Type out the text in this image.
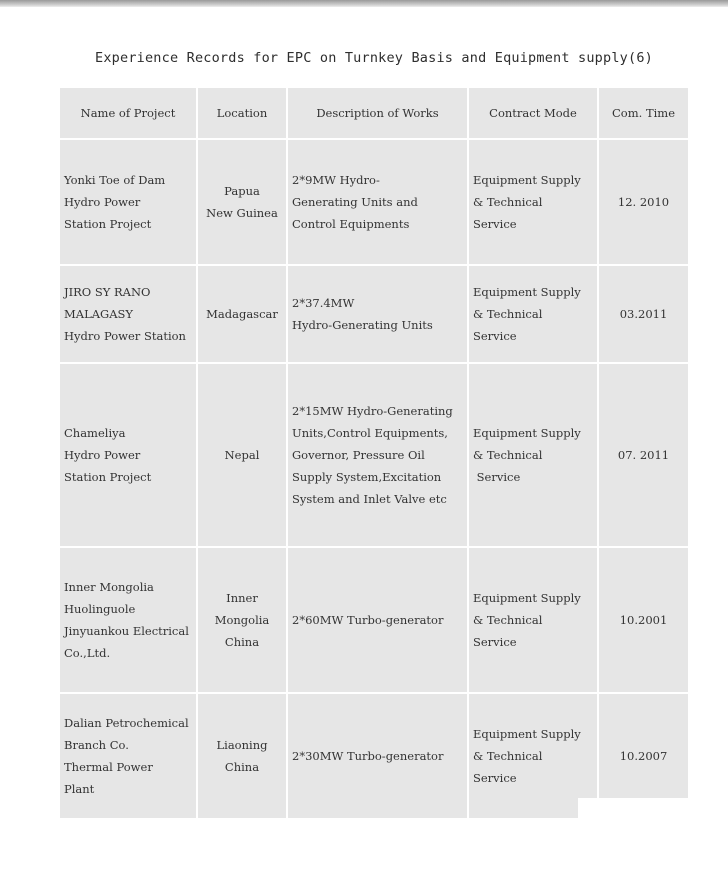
Experience Records for EPC on Turnkey Basis and Equipment supply(6)
Name of Project	Location	Description of Works	Contract Mode	Com. Time

Yonki Toe of Dam
Hydro Power
Station Project	Papua
New Guinea	2*9MW Hydro-
Generating Units and
Control Equipments	Equipment Supply
& Technical
Service	12. 2010

JIRO SY RANO
MALAGASY
Hydro Power Station	Madagascar	2*37.4MW
Hydro-Generating Units	Equipment Supply
& Technical
Service	03.2011

Chameliya
Hydro Power
Station Project	Nepal	2*15MW Hydro-Generating
Units,Control Equipments,
Governor, Pressure Oil
Supply System,Excitation
System and Inlet Valve etc	Equipment Supply
& Technical
Service	07. 2011

Inner Mongolia
Huolinguole
Jinyuankou Electrical
Co.,Ltd.	Inner
Mongolia
China	2*60MW Turbo-generator	Equipment Supply
& Technical
Service	10.2001

Dalian Petrochemical
Branch Co.
Thermal Power
Plant	Liaoning
China	2*30MW Turbo-generator	Equipment Supply
& Technical
Service	10.2007
